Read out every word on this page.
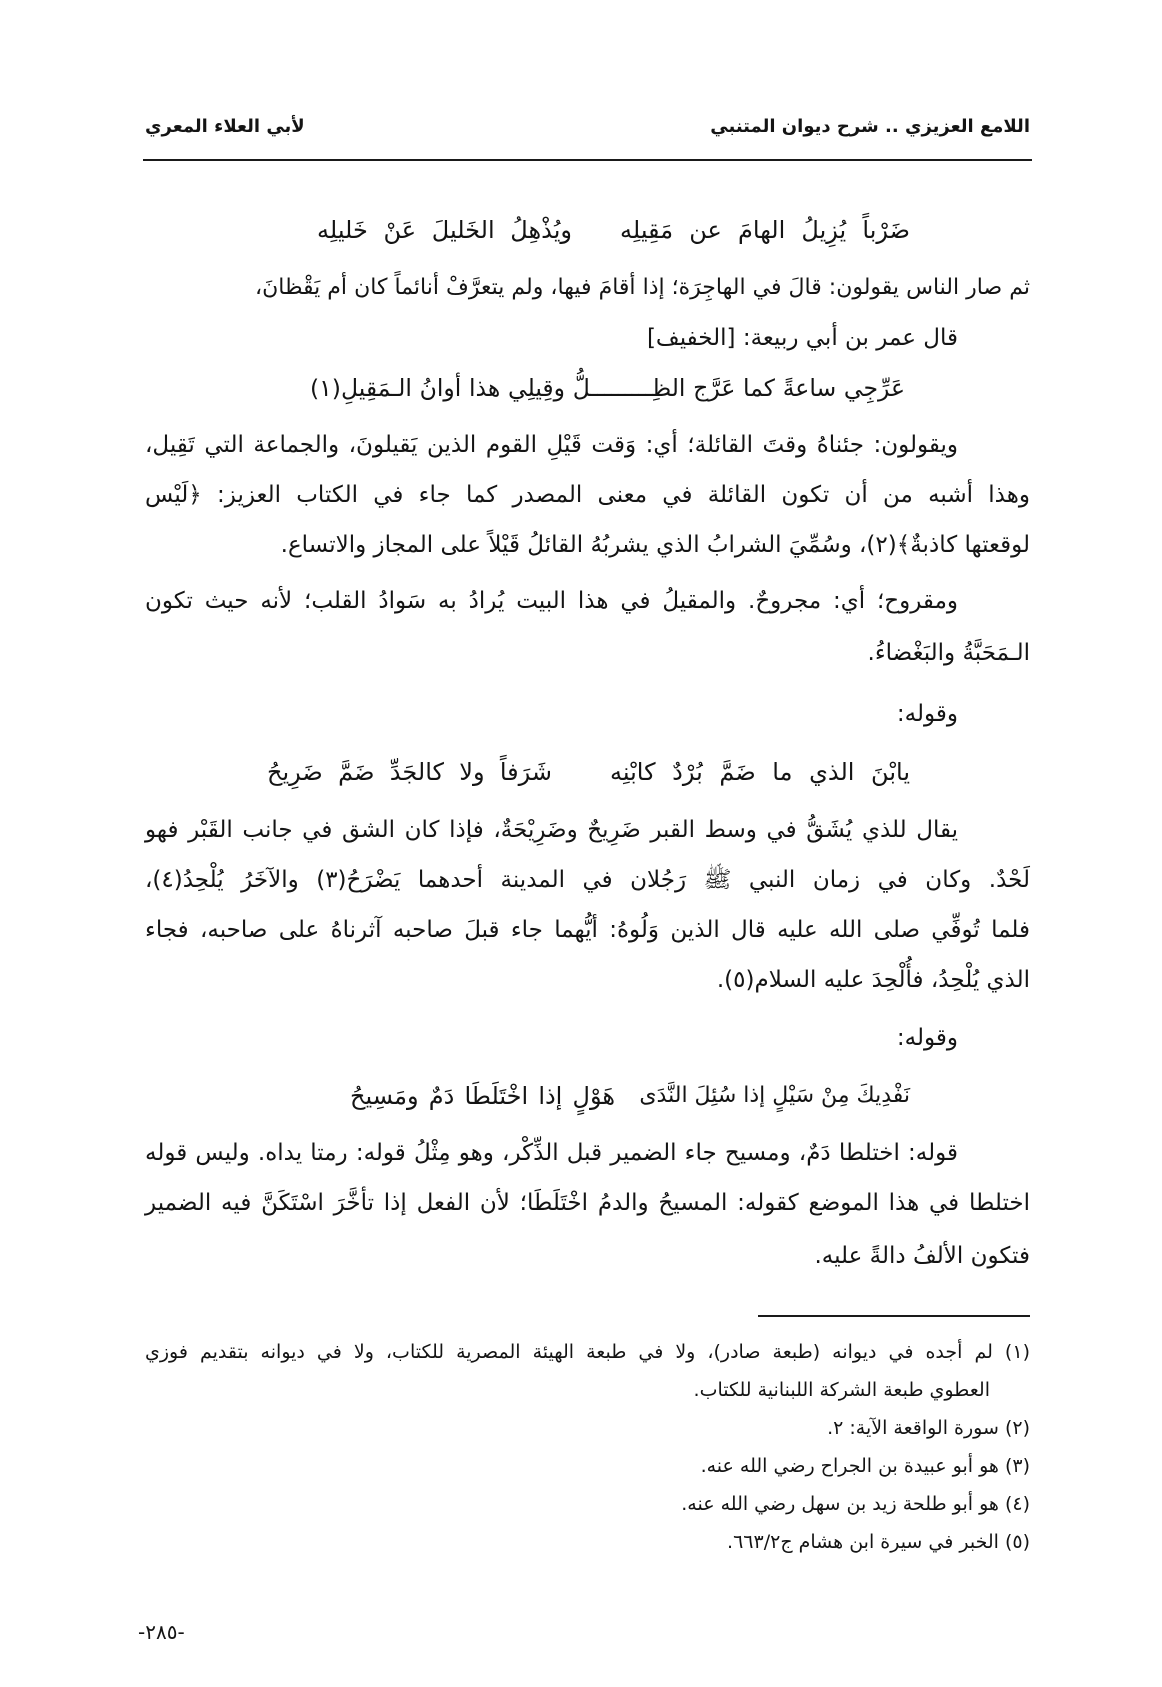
اللامع العزيزي .. شرح ديوان المتنبي
لأبي العلاء المعري
ضَرْباً يُزِيلُ الهامَ عن مَقِيلِه
ويُذْهِلُ الخَليلَ عَنْ خَليلِه
ثم صار الناس يقولون: قالَ في الهاجِرَة؛ إذا أقامَ فيها، ولم يتعرَّفْ أنائماً كان أم يَقْظانَ،
قال عمر بن أبي ربيعة: [الخفيف]
عَرِّجِي ساعةً كما عَرَّج الظِـــــــــلُّ وقِيلِي هذا أوانُ الـمَقِيلِ(١)
ويقولون: جئناهُ وقتَ القائلة؛ أي: وَقت قَيْلِ القوم الذين يَقيلونَ، والجماعة التي تَقِيل،
وهذا أشبه من أن تكون القائلة في معنى المصدر كما جاء في الكتاب العزيز: ﴿لَيْس
لوقعتها كاذبةٌ﴾(٢)، وسُمِّيَ الشرابُ الذي يشربُهُ القائلُ قَيْلاً على المجاز والاتساع.
ومقروح؛ أي: مجروحٌ. والمقيلُ في هذا البيت يُرادُ به سَوادُ القلب؛ لأنه حيث تكون
الـمَحَبَّةُ والبَغْضاءُ.
وقوله:
يابْنَ الذي ما ضَمَّ بُرْدٌ كابْنِه
شَرَفاً ولا كالجَدِّ ضَمَّ ضَرِيحُ
يقال للذي يُشَقُّ في وسط القبر ضَرِيحٌ وضَرِيْحَةٌ، فإذا كان الشق في جانب القَبْر فهو
لَحْدٌ. وكان في زمان النبي ﷺ رَجُلان في المدينة أحدهما يَضْرَحُ(٣) والآخَرُ يُلْحِدُ(٤)،
فلما تُوفِّي صلى الله عليه قال الذين وَلُوهُ: أيُّهما جاء قبلَ صاحبه آثرناهُ على صاحبه، فجاء
الذي يُلْحِدُ، فأُلْحِدَ عليه السلام(٥).
وقوله:
نَفْدِيكَ مِنْ سَيْلٍ إذا سُئِلَ النَّدَى
هَوْلٍ إذا اخْتَلَطَا دَمٌ ومَسِيحُ
قوله: اختلطا دَمٌ، ومسيح جاء الضمير قبل الذِّكْر، وهو مِثْلُ قوله: رمتا يداه. وليس قوله
اختلطا في هذا الموضع كقوله: المسيحُ والدمُ اخْتَلَطَا؛ لأن الفعل إذا تأخَّرَ اسْتَكَنَّ فيه الضمير
فتكون الألفُ دالةً عليه.
(١) لم أجده في ديوانه (طبعة صادر)، ولا في طبعة الهيئة المصرية للكتاب، ولا في ديوانه بتقديم فوزي
العطوي طبعة الشركة اللبنانية للكتاب.
(٢) سورة الواقعة الآية: ٢.
(٣) هو أبو عبيدة بن الجراح رضي الله عنه.
(٤) هو أبو طلحة زيد بن سهل رضي الله عنه.
(٥) الخبر في سيرة ابن هشام ج٢‏/‏٦٦٣.
-٢٨٥-
